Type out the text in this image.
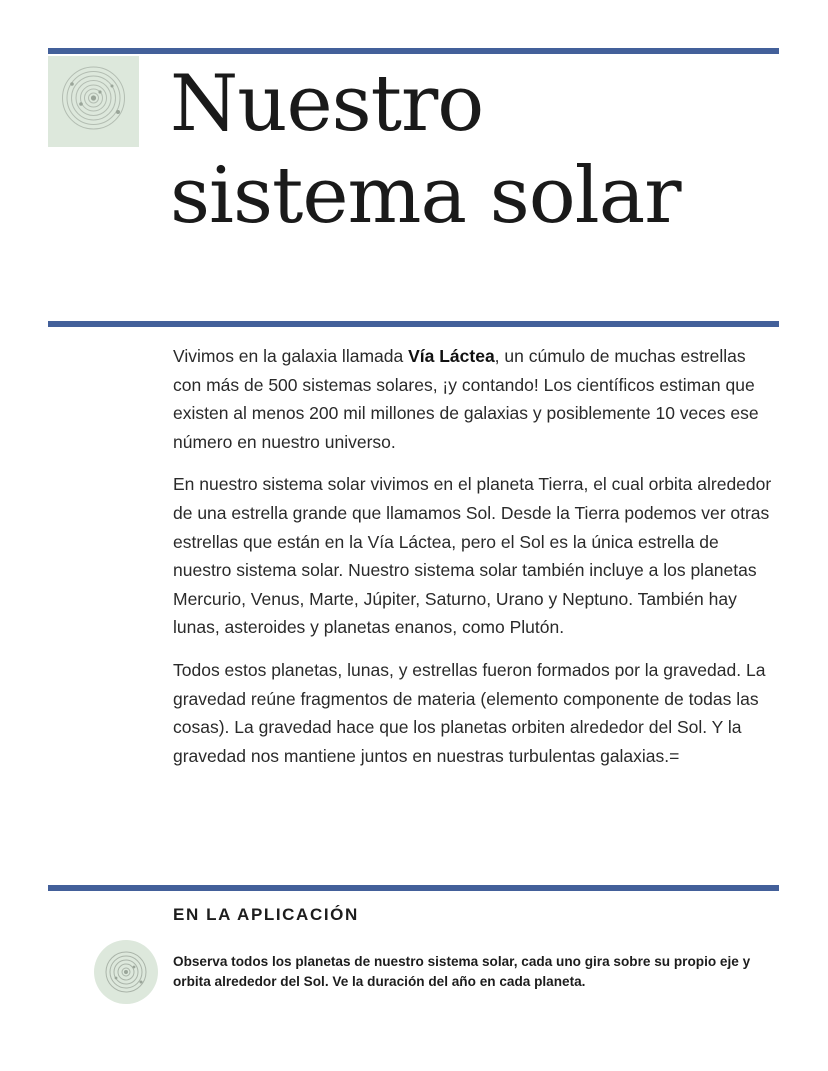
Nuestro
sistema solar

Vivimos en la galaxia llamada Vía Láctea, un cúmulo de muchas estrellas con más de 500 sistemas solares, ¡y contando! Los científicos estiman que existen al menos 200 mil millones de galaxias y posiblemente 10 veces ese número en nuestro universo.

En nuestro sistema solar vivimos en el planeta Tierra, el cual orbita alrededor de una estrella grande que llamamos Sol. Desde la Tierra podemos ver otras estrellas que están en la Vía Láctea, pero el Sol es la única estrella de nuestro sistema solar. Nuestro sistema solar también incluye a los planetas Mercurio, Venus, Marte, Júpiter, Saturno, Urano y Neptuno. También hay lunas, asteroides y planetas enanos, como Plutón.

Todos estos planetas, lunas, y estrellas fueron formados por la gravedad. La gravedad reúne fragmentos de materia (elemento componente de todas las cosas). La gravedad hace que los planetas orbiten alrededor del Sol. Y la gravedad nos mantiene juntos en nuestras turbulentas galaxias.=

EN LA APLICACIÓN

Observa todos los planetas de nuestro sistema solar, cada uno gira sobre su propio eje y orbita alrededor del Sol. Ve la duración del año en cada planeta.
